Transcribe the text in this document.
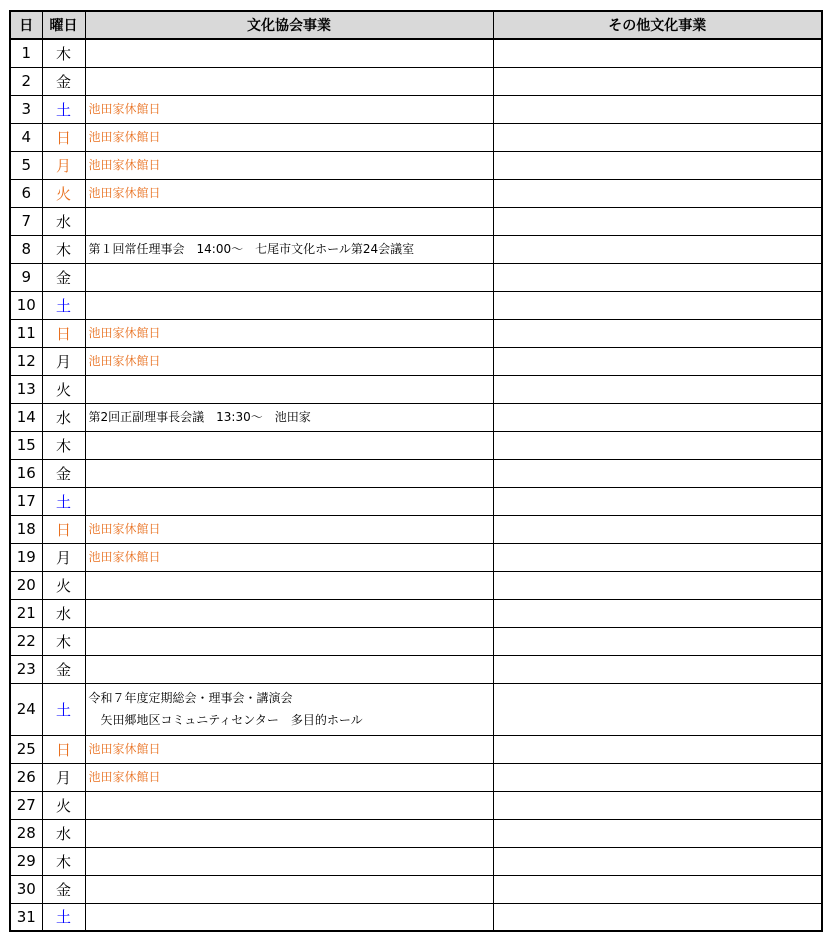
日	曜日	文化協会事業	その他文化事業
1	木		
2	金		
3	土	池田家休館日	

4	日	池田家休館日	

5	月	池田家休館日	

6	火	池田家休館日	

7	水		
8	木	第１回常任理事会　14:00～　七尾市文化ホール第24会議室	

9	金		
10	土		
11	日	池田家休館日	

12	月	池田家休館日	

13	火		
14	水	第2回正副理事長会議　13:30～　池田家	

15	木		
16	金		
17	土		
18	日	池田家休館日	

19	月	池田家休館日	

20	火		
21	水		
22	木		
23	金		
24	土	令和７年度定期総会・理事会・講演会
矢田郷地区コミュニティセンター　多目的ホール	

25	日	池田家休館日	

26	月	池田家休館日	

27	火		
28	水		
29	木		
30	金		
31	土		
